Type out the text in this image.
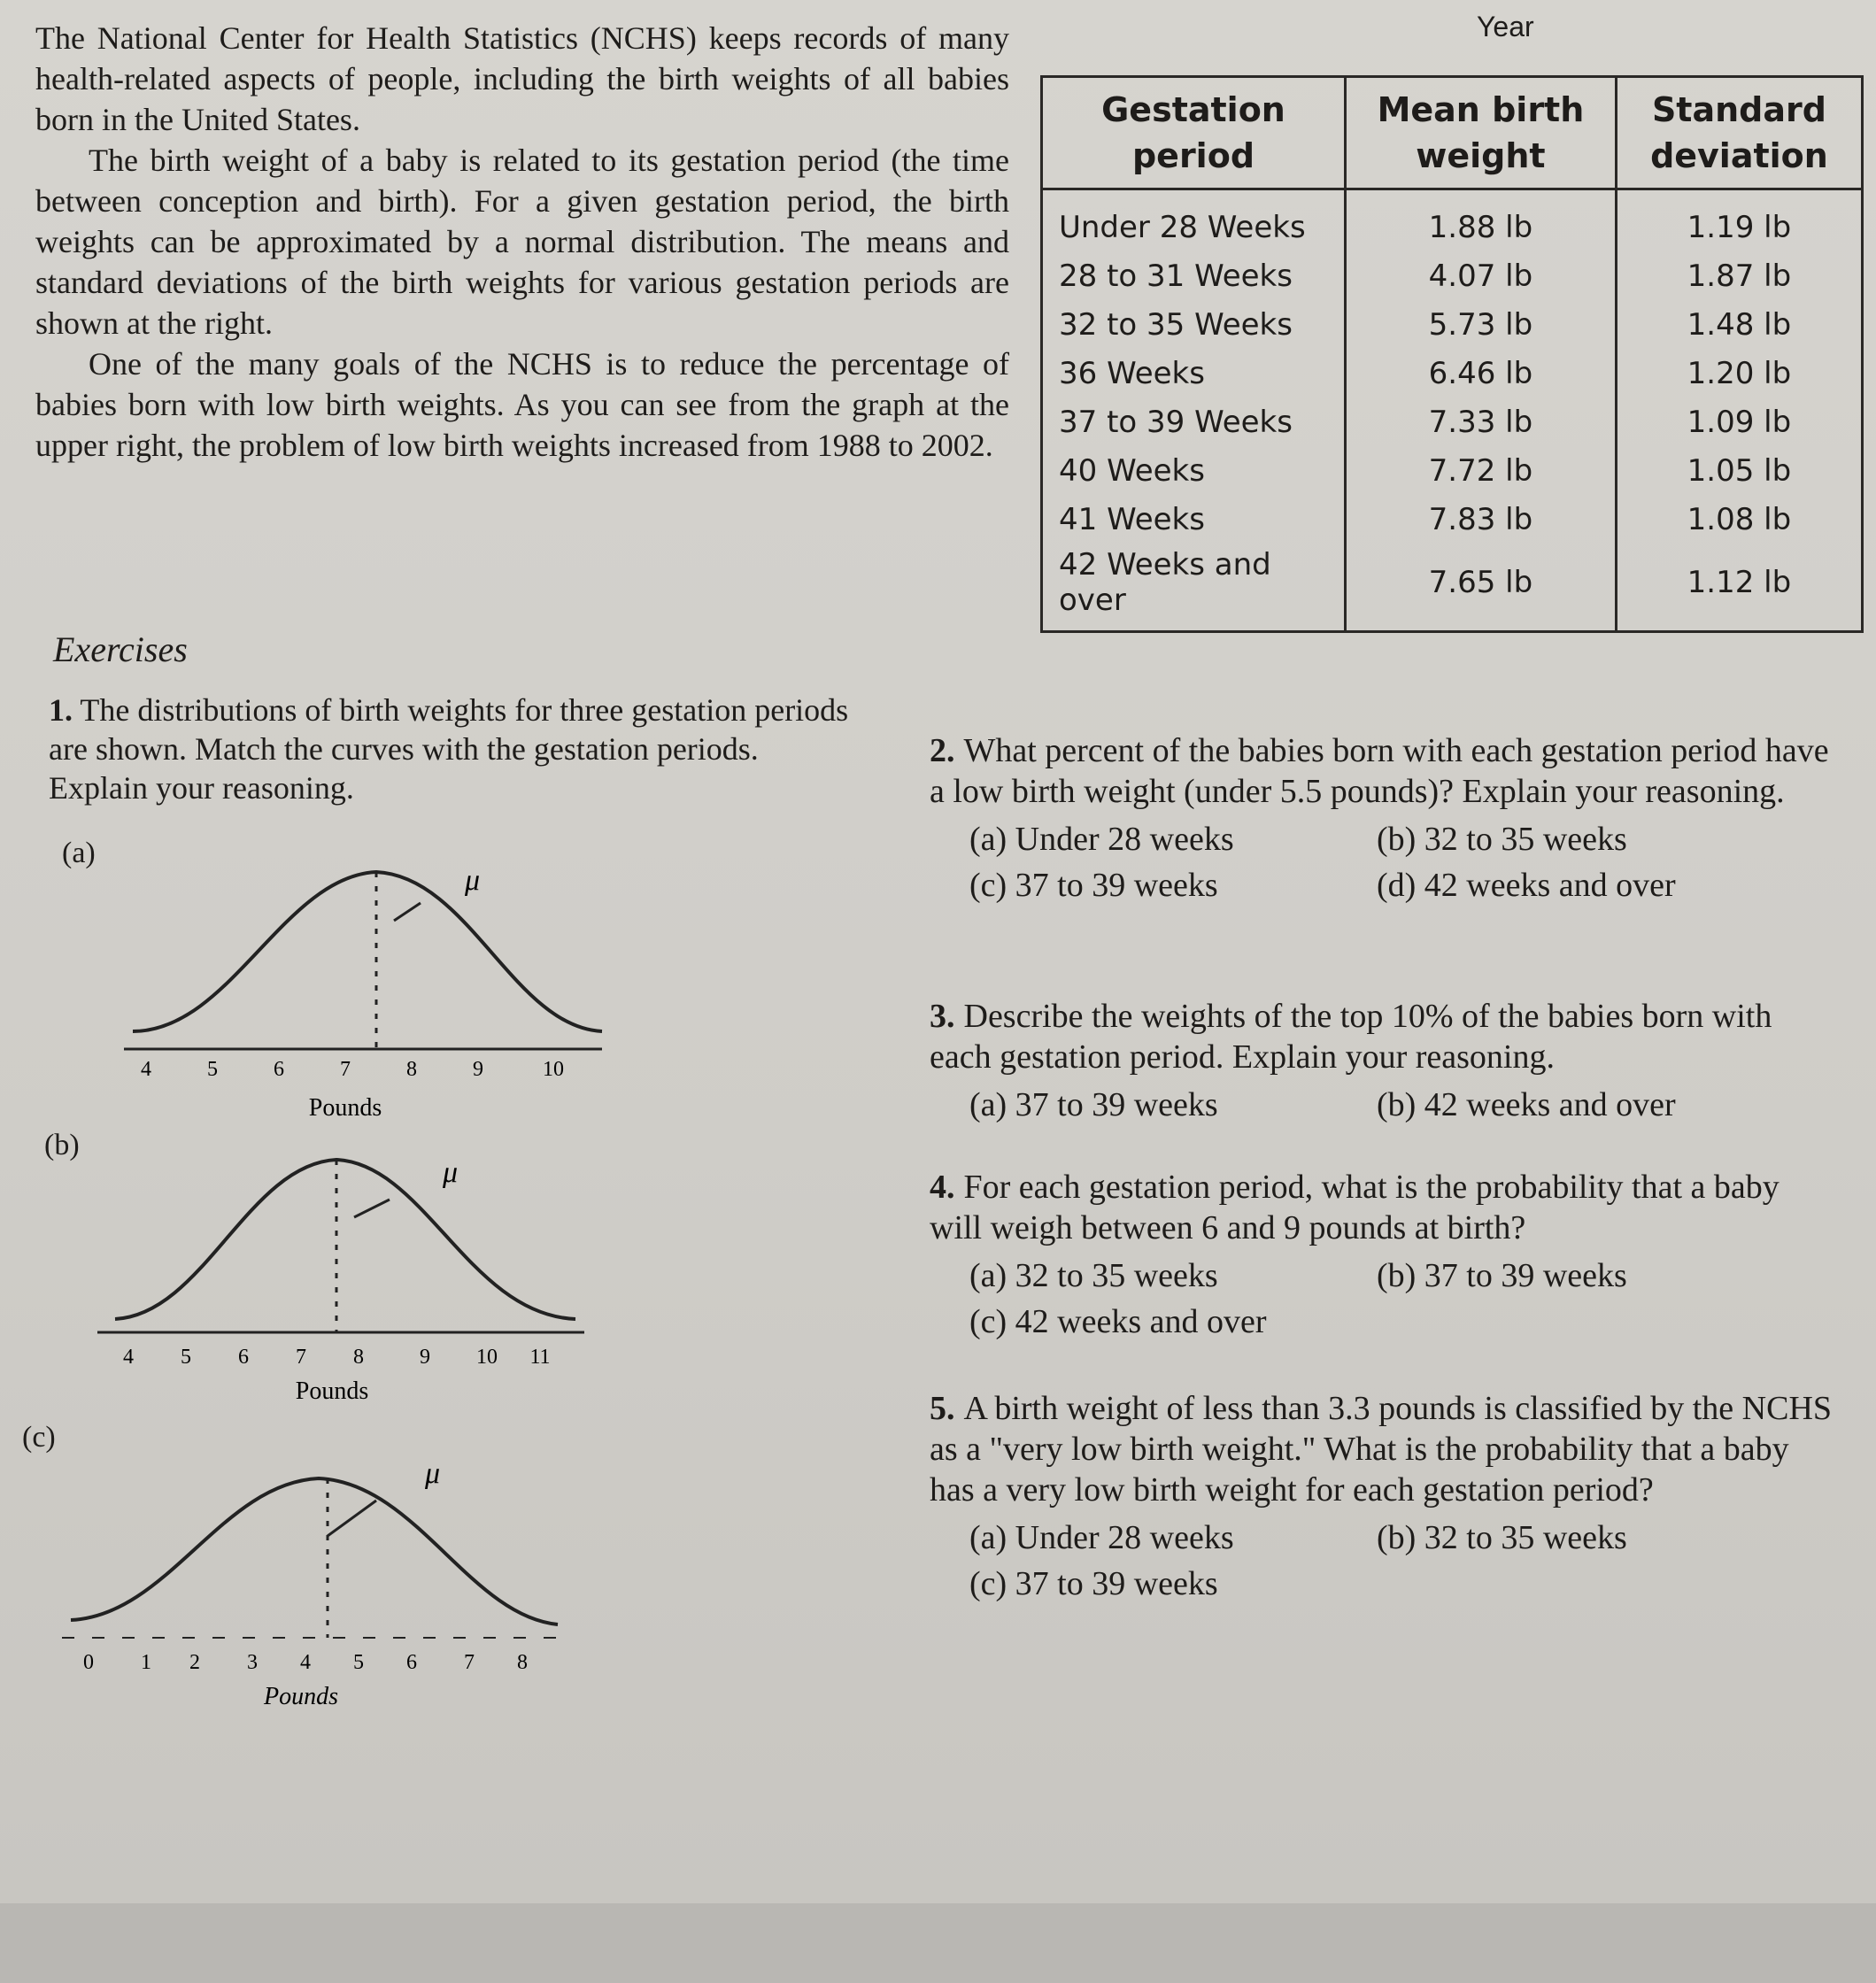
The National Center for Health Statistics (NCHS) keeps records of many health-related aspects of people, including the birth weights of all babies born in the United States.

The birth weight of a baby is related to its gestation period (the time between conception and birth). For a given gestation period, the birth weights can be approximated by a normal distribution. The means and standard deviations of the birth weights for various gestation periods are shown at the right.

One of the many goals of the NCHS is to reduce the percentage of babies born with low birth weights. As you can see from the graph at the upper right, the problem of low birth weights increased from 1988 to 2002.

Year
Gestation period	Mean birth weight	Standard deviation
Under 28 Weeks	1.88 lb	1.19 lb
28 to 31 Weeks	4.07 lb	1.87 lb
32 to 35 Weeks	5.73 lb	1.48 lb
36 Weeks	6.46 lb	1.20 lb
37 to 39 Weeks	7.33 lb	1.09 lb
40 Weeks	7.72 lb	1.05 lb
41 Weeks	7.83 lb	1.08 lb
42 Weeks and over	7.65 lb	1.12 lb
Exercises
1. The distributions of birth weights for three gestation periods are shown. Match the curves with the gestation periods. Explain your reasoning.
(a)
μ
4	5	6	7	8	9	10
Pounds
(b)
μ
4 5 6 7 8	9 10 11
Pounds
(c)
μ
0 1 2 3 4 5 6 7 8
Pounds
2. What percent of the babies born with each gestation period have a low birth weight (under 5.5 pounds)? Explain your reasoning.
(a) Under 28 weeks	(b) 32 to 35 weeks
(c) 37 to 39 weeks	(d) 42 weeks and over
3. Describe the weights of the top 10% of the babies born with each gestation period. Explain your reasoning.
(a) 37 to 39 weeks	(b) 42 weeks and over
4. For each gestation period, what is the probability that a baby will weigh between 6 and 9 pounds at birth?
(a) 32 to 35 weeks	(b) 37 to 39 weeks
(c) 42 weeks and over
5. A birth weight of less than 3.3 pounds is classified by the NCHS as a "very low birth weight." What is the probability that a baby has a very low birth weight for each gestation period?
(a) Under 28 weeks	(b) 32 to 35 weeks
(c) 37 to 39 weeks
